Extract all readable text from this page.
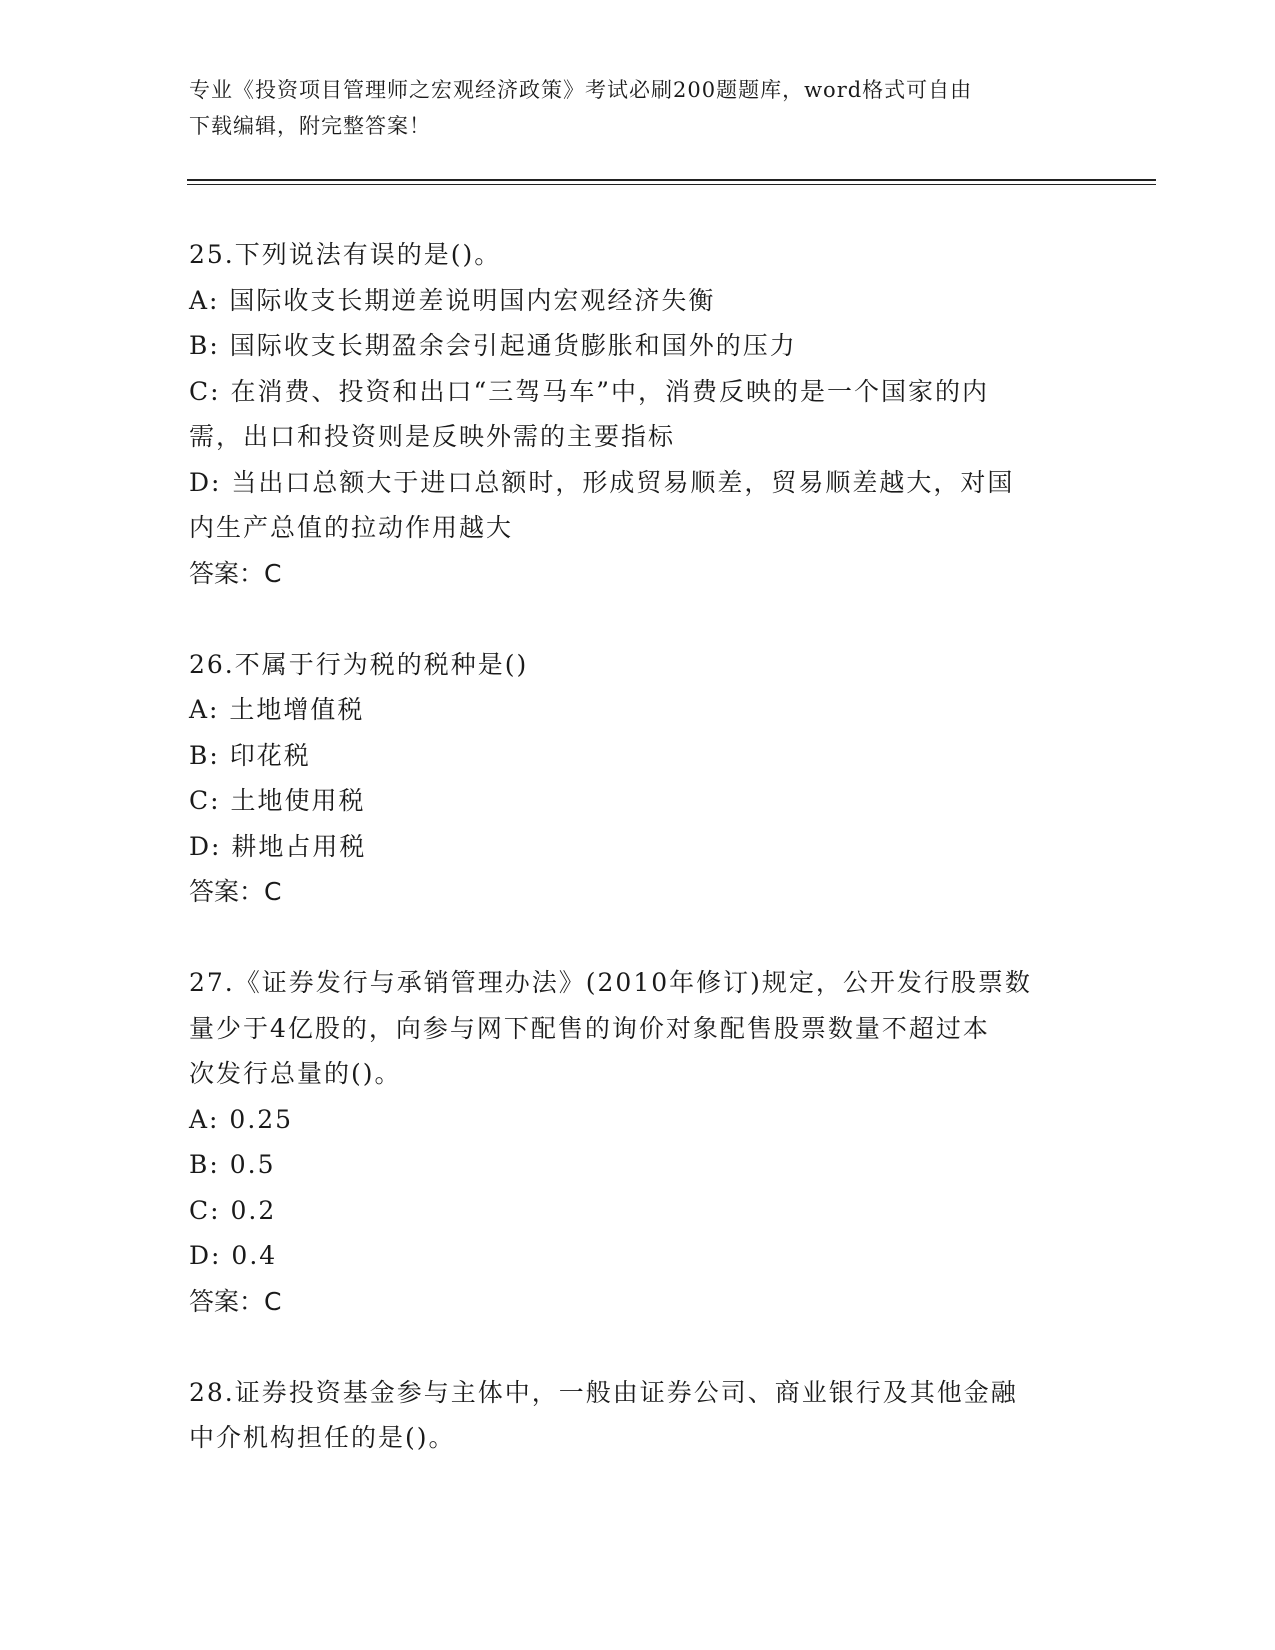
专业《投资项目管理师之宏观经济政策》考试必刷200题题库，word格式可自由
下载编辑，附完整答案！
25.下列说法有误的是()。
A: 国际收支长期逆差说明国内宏观经济失衡
B: 国际收支长期盈余会引起通货膨胀和国外的压力
C: 在消费、投资和出口“三驾马车”中，消费反映的是一个国家的内
需，出口和投资则是反映外需的主要指标
D: 当出口总额大于进口总额时，形成贸易顺差，贸易顺差越大，对国
内生产总值的拉动作用越大
答案：C
26.不属于行为税的税种是()
A: 土地增值税
B: 印花税
C: 土地使用税
D: 耕地占用税
答案：C
27.《证券发行与承销管理办法》(2010年修订)规定，公开发行股票数
量少于4亿股的，向参与网下配售的询价对象配售股票数量不超过本
次发行总量的()。
A: 0.25
B: 0.5
C: 0.2
D: 0.4
答案：C
28.证券投资基金参与主体中，一般由证券公司、商业银行及其他金融
中介机构担任的是()。
